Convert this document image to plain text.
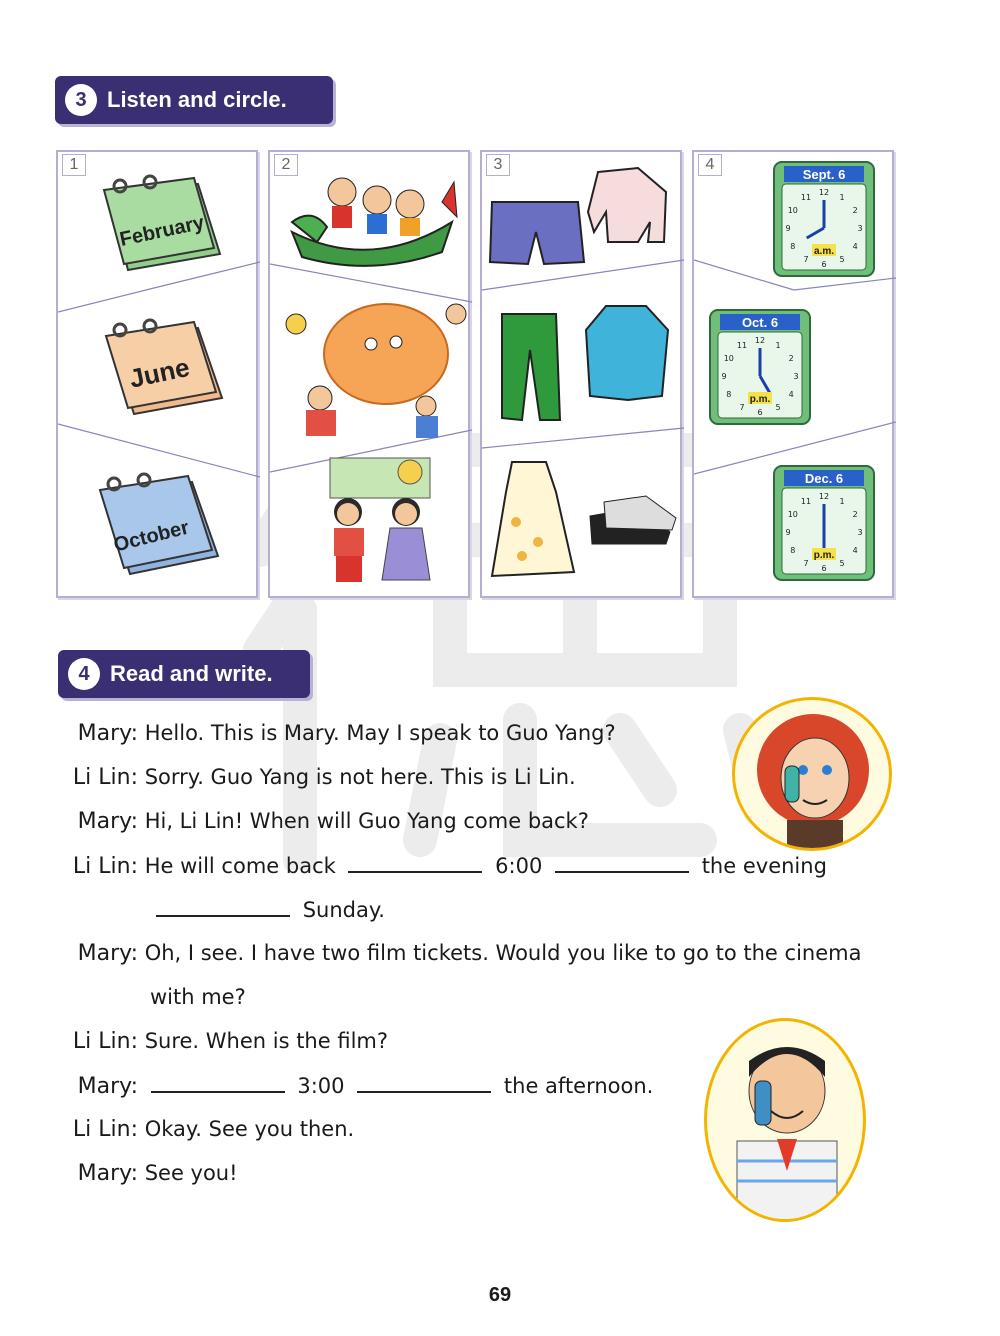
3 Listen and circle.
1
February
June
October
2	3	4
Sept. 6
12
1
2
3
4
5
6
7
8
9
10
11
a.m.
Oct. 6
12
1
2
3
4
5
6
7
8
9
10
11
p.m.
Dec. 6
12
1
2
3
4
5
6
7
8
9
10
11
p.m.
4 Read and write.
Mary: Hello. This is Mary. May I speak to Guo Yang?
Li Lin: Sorry. Guo Yang is not here. This is Li Lin.
Mary: Hi, Li Lin! When will Guo Yang come back?
Li Lin: He will come back	6:00	the evening
Sunday.
Mary: Oh, I see. I have two film tickets. Would you like to go to the cinema
with me?
Li Lin: Sure. When is the film?
Mary:	3:00	the afternoon.
Li Lin: Okay. See you then.
Mary: See you!
69
